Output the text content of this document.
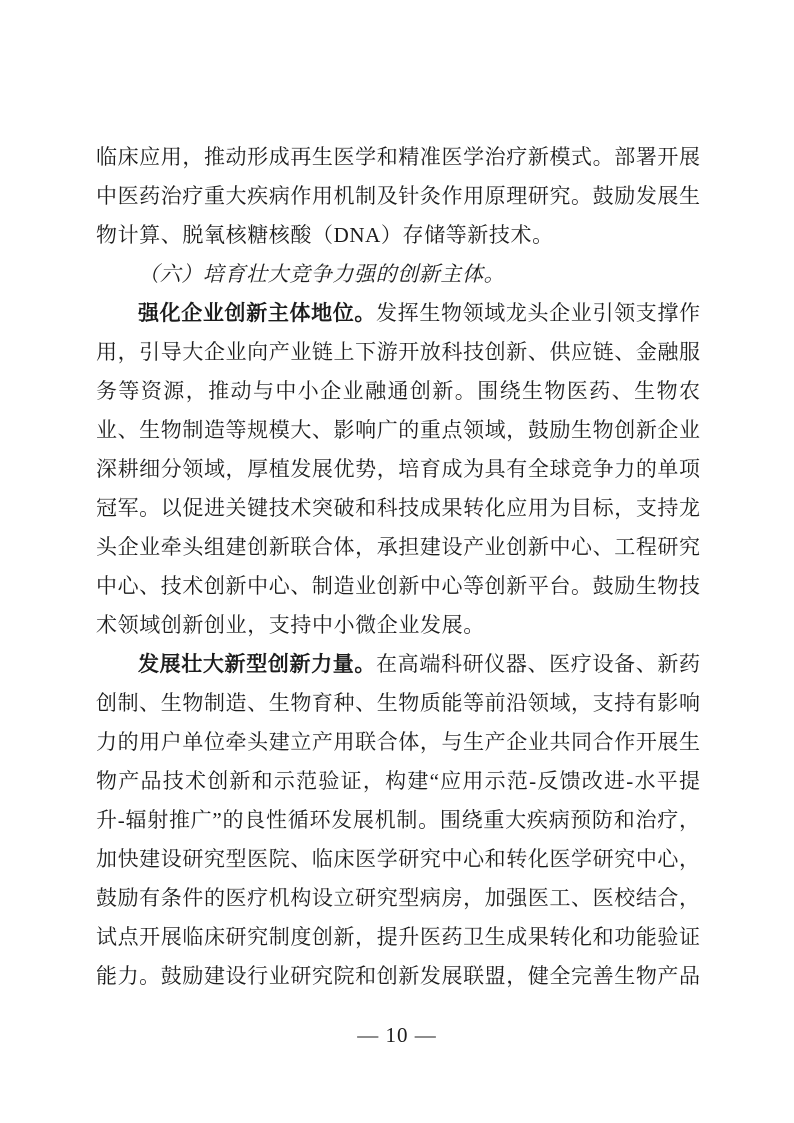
临床应用，推动形成再生医学和精准医学治疗新模式。部署开展
中医药治疗重大疾病作用机制及针灸作用原理研究。鼓励发展生
物计算、脱氧核糖核酸（DNA）存储等新技术。
（六）培育壮大竞争力强的创新主体。
强化企业创新主体地位。发挥生物领域龙头企业引领支撑作
用，引导大企业向产业链上下游开放科技创新、供应链、金融服
务等资源，推动与中小企业融通创新。围绕生物医药、生物农
业、生物制造等规模大、影响广的重点领域，鼓励生物创新企业
深耕细分领域，厚植发展优势，培育成为具有全球竞争力的单项
冠军。以促进关键技术突破和科技成果转化应用为目标，支持龙
头企业牵头组建创新联合体，承担建设产业创新中心、工程研究
中心、技术创新中心、制造业创新中心等创新平台。鼓励生物技
术领域创新创业，支持中小微企业发展。
发展壮大新型创新力量。在高端科研仪器、医疗设备、新药
创制、生物制造、生物育种、生物质能等前沿领域，支持有影响
力的用户单位牵头建立产用联合体，与生产企业共同合作开展生
物产品技术创新和示范验证，构建“应用示范-反馈改进-水平提
升-辐射推广”的良性循环发展机制。围绕重大疾病预防和治疗，
加快建设研究型医院、临床医学研究中心和转化医学研究中心，
鼓励有条件的医疗机构设立研究型病房，加强医工、医校结合，
试点开展临床研究制度创新，提升医药卫生成果转化和功能验证
能力。鼓励建设行业研究院和创新发展联盟，健全完善生物产品
— 10 —
